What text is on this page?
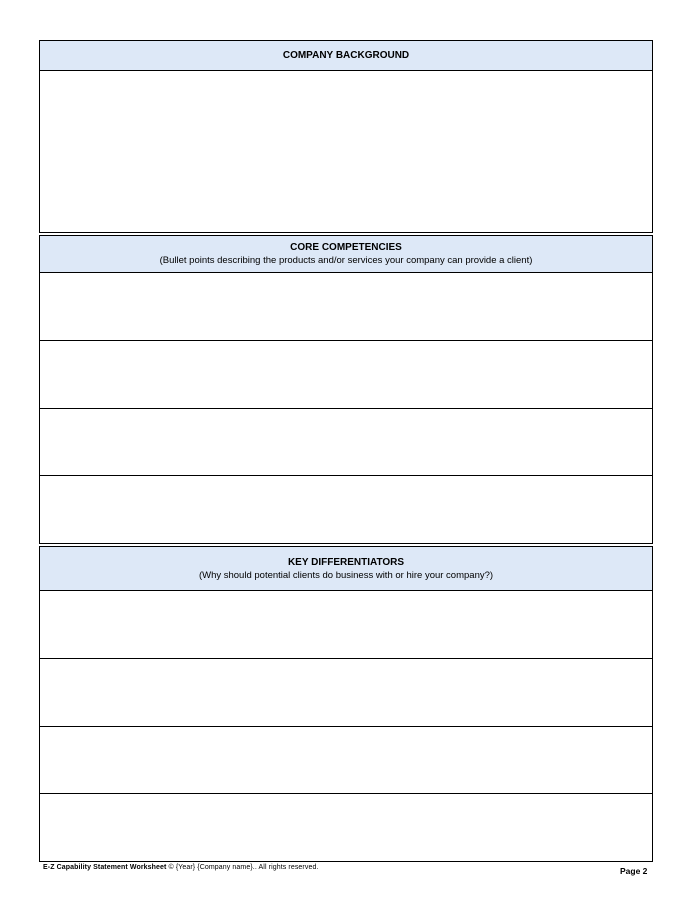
COMPANY BACKGROUND
CORE COMPETENCIES
(Bullet points describing the products and/or services your company can provide a client)
KEY DIFFERENTIATORS
(Why should potential clients do business with or hire your company?)
E-Z Capability Statement Worksheet © {Year} {Company name}.. All rights reserved.	Page 2
